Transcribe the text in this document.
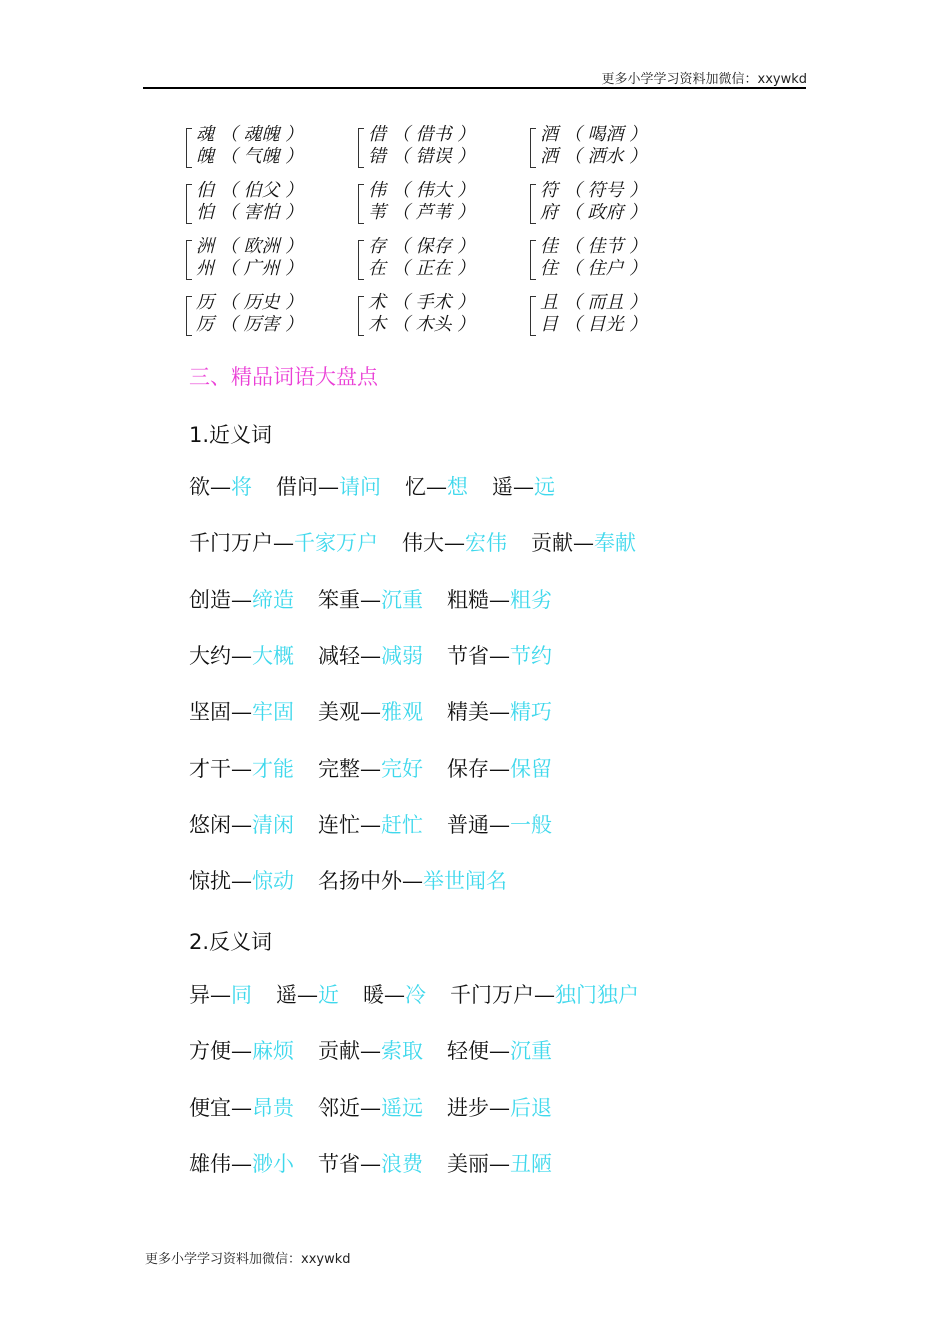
更多小学学习资料加微信：xxywkd
魂 （ 魂魄 ）
魄 （ 气魄 ）
借 （ 借书 ）
错 （ 错误 ）
酒 （ 喝酒 ）
洒 （ 洒水 ）
伯 （ 伯父 ）
怕 （ 害怕 ）
伟 （ 伟大 ）
苇 （ 芦苇 ）
符 （ 符号 ）
府 （ 政府 ）
洲 （ 欧洲 ）
州 （ 广州 ）
存 （ 保存 ）
在 （ 正在 ）
佳 （ 佳节 ）
住 （ 住户 ）
历 （ 历史 ）
厉 （ 厉害 ）
术 （ 手术 ）
木 （ 木头 ）
且 （ 而且 ）
目 （ 目光 ）
三、精品词语大盘点
1.近义词
欲—将 借问—请问 忆—想 遥—远
千门万户—千家万户 伟大—宏伟 贡献—奉献
创造—缔造 笨重—沉重 粗糙—粗劣
大约—大概 减轻—减弱 节省—节约
坚固—牢固 美观—雅观 精美—精巧
才干—才能 完整—完好 保存—保留
悠闲—清闲 连忙—赶忙 普通—一般
惊扰—惊动 名扬中外—举世闻名
2.反义词
异—同 遥—近 暖—冷 千门万户—独门独户
方便—麻烦 贡献—索取 轻便—沉重
便宜—昂贵 邻近—遥远 进步—后退
雄伟—渺小 节省—浪费 美丽—丑陋
更多小学学习资料加微信：xxywkd
